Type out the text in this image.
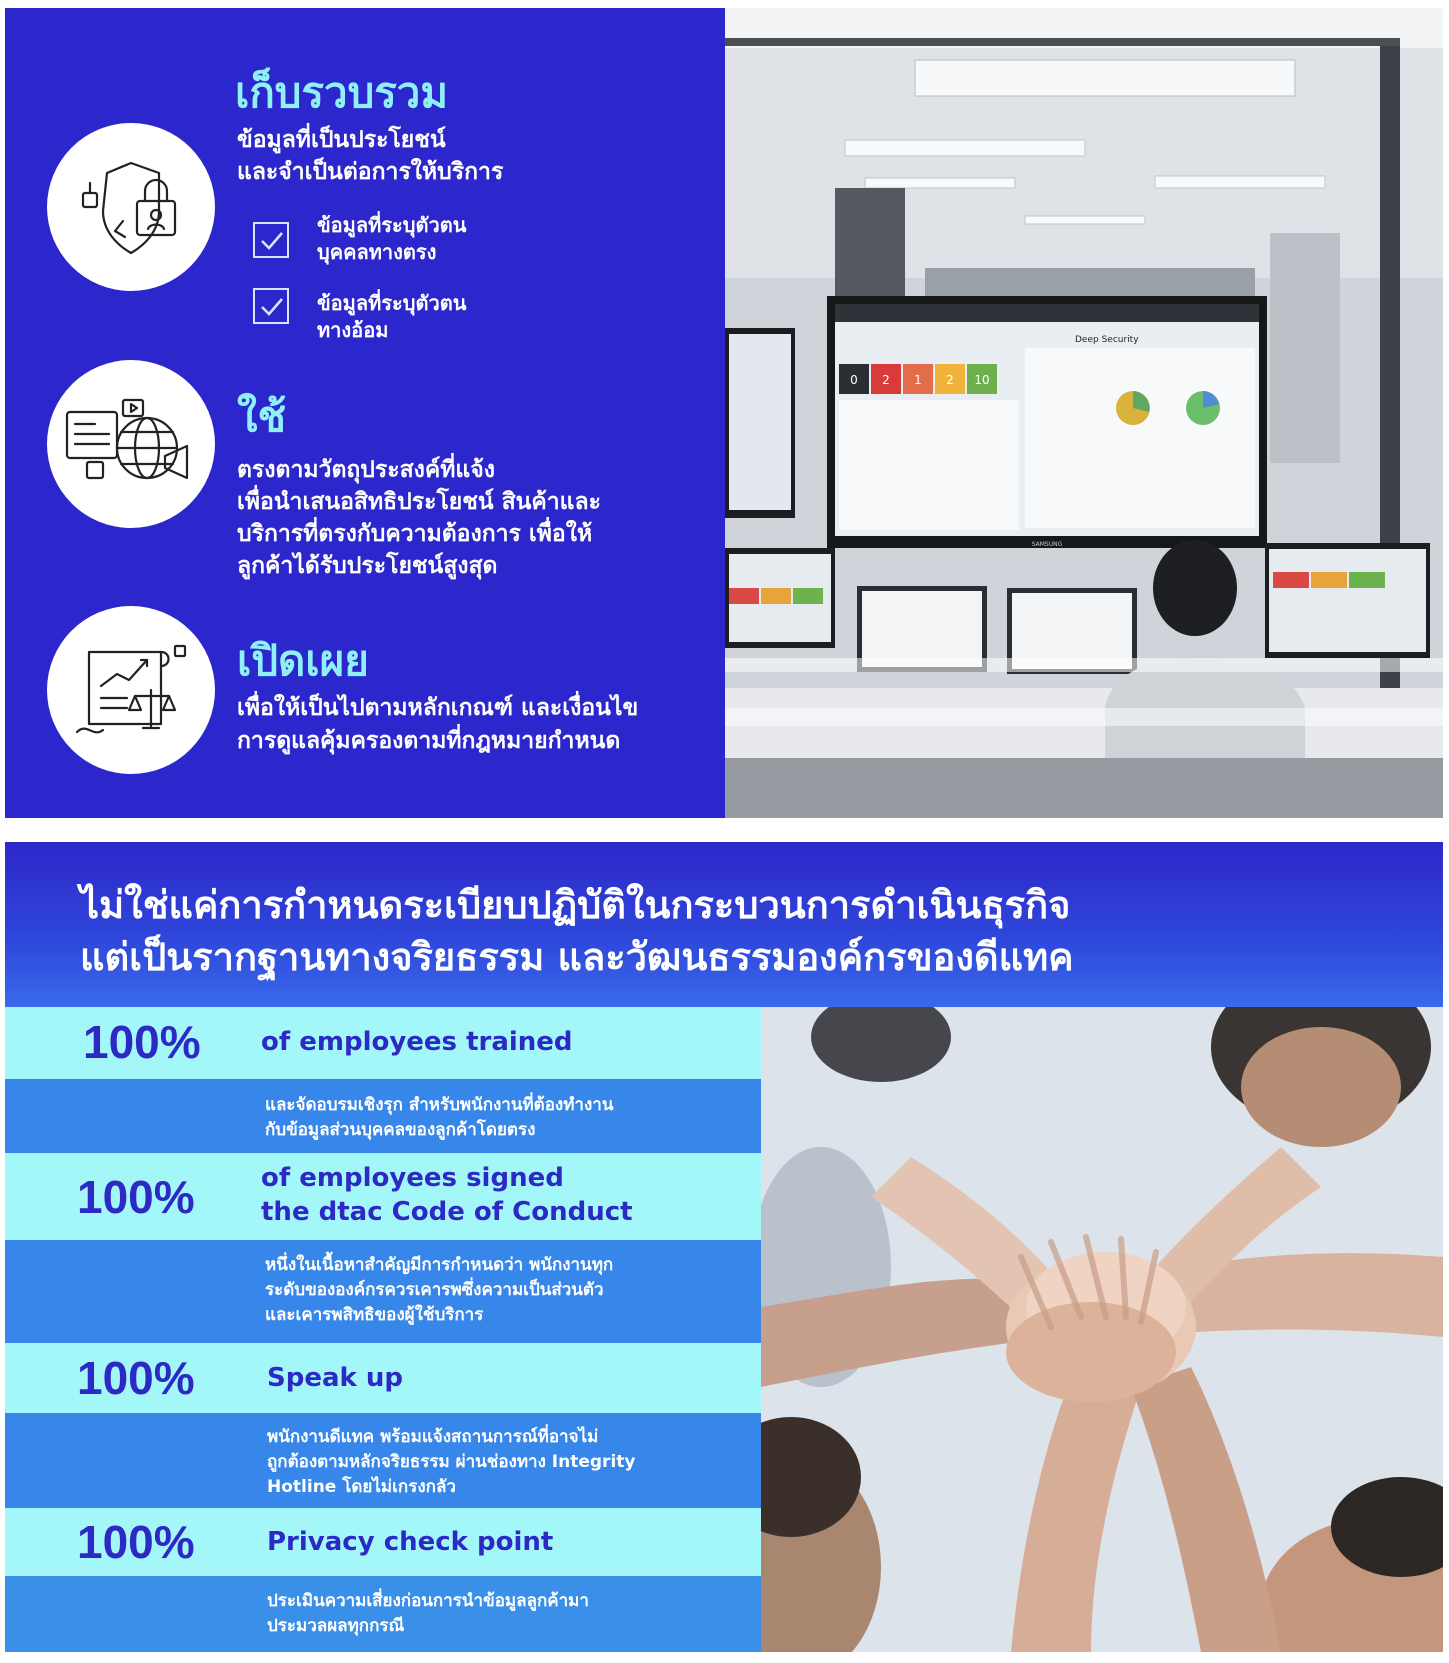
เก็บรวบรวม
ข้อมูลที่เป็นประโยชน์
และจำเป็นต่อการให้บริการ
ข้อมูลที่ระบุตัวตน
บุคคลทางตรง
ข้อมูลที่ระบุตัวตน
ทางอ้อม
ใช้
ตรงตามวัตถุประสงค์ที่แจ้ง
เพื่อนำเสนอสิทธิประโยชน์ สินค้าและ
บริการที่ตรงกับความต้องการ เพื่อให้
ลูกค้าได้รับประโยชน์สูงสุด
เปิดเผย
เพื่อให้เป็นไปตามหลักเกณฑ์ และเงื่อนไข
การดูแลคุ้มครองตามที่กฎหมายกำหนด
0 2 1 2 10
Deep Security
SAMSUNG
ไม่ใช่แค่การกำหนดระเบียบปฏิบัติในกระบวนการดำเนินธุรกิจ
แต่เป็นรากฐานทางจริยธรรม และวัฒนธรรมองค์กรของดีแทค
100% of employees trained
และจัดอบรมเชิงรุก สำหรับพนักงานที่ต้องทำงาน
กับข้อมูลส่วนบุคคลของลูกค้าโดยตรง
100%	of employees signed
the dtac Code of Conduct
หนึ่งในเนื้อหาสำคัญมีการกำหนดว่า พนักงานทุก
ระดับขององค์กรควรเคารพซึ่งความเป็นส่วนตัว
และเคารพสิทธิของผู้ใช้บริการ
100%	Speak up
พนักงานดีแทค พร้อมแจ้งสถานการณ์ที่อาจไม่
ถูกต้องตามหลักจริยธรรม ผ่านช่องทาง Integrity
Hotline โดยไม่เกรงกลัว
100%	Privacy check point
ประเมินความเสี่ยงก่อนการนำข้อมูลลูกค้ามา
ประมวลผลทุกกรณี
